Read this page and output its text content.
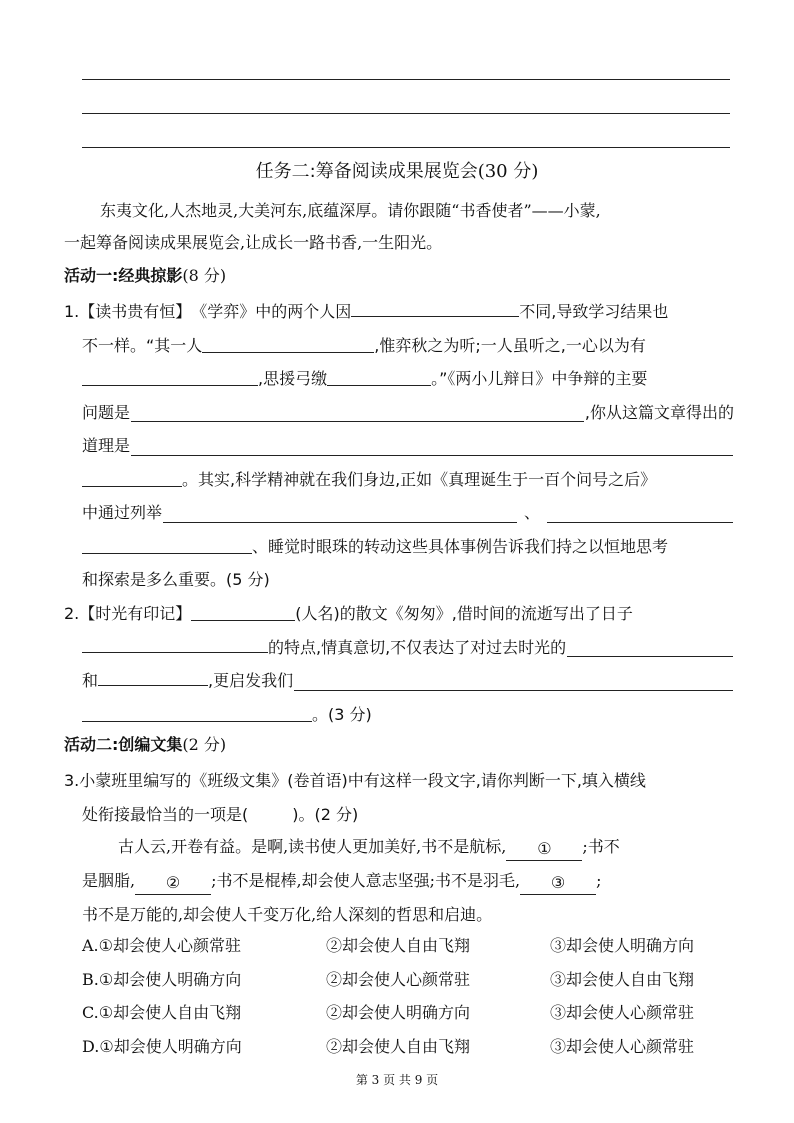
任务二:筹备阅读成果展览会(30 分)
东夷文化,人杰地灵,大美河东,底蕴深厚。请你跟随“书香使者”——小蒙,
一起筹备阅读成果展览会,让成长一路书香,一生阳光。
活动一:经典掠影(8 分)
1. 【读书贵有恒】 《学弈》中的两个人因	不同,导致学习结果也
不一样。“其一人	,惟弈秋之为听;一人虽听之,一心以为有
,思援弓缴	。”《两小儿辩日》中争辩的主要
问题是	,你从这篇文章得出的
道理是
。其实,科学精神就在我们身边,正如《真理诞生于一百个问号之后》
中通过列举	、
、睡觉时眼珠的转动这些具体事例告诉我们持之以恒地思考
和探索是多么重要。(5 分)
2.【时光有印记】	(人名)的散文《匆匆》,借时间的流逝写出了日子
的特点,情真意切,不仅表达了对过去时光的
和	,更启发我们
。(3 分)
活动二:创编文集(2 分)
3.小蒙班里编写的《班级文集》(卷首语)中有这样一段文字,请你判断一下,填入横线
处衔接最恰当的一项是(	)。(2 分)
古人云,开卷有益。是啊,读书使人更加美好,书不是航标, ① ;书不
是胭脂, ② ;书不是棍棒,却会使人意志坚强;书不是羽毛, ③ ;
书不是万能的,却会使人千变万化,给人深刻的哲思和启迪。
A.①却会使人心颜常驻	②却会使人自由飞翔	③却会使人明确方向
B.①却会使人明确方向	②却会使人心颜常驻	③却会使人自由飞翔
C.①却会使人自由飞翔	②却会使人明确方向	③却会使人心颜常驻
D.①却会使人明确方向	②却会使人自由飞翔	③却会使人心颜常驻
第 3 页 共 9 页
